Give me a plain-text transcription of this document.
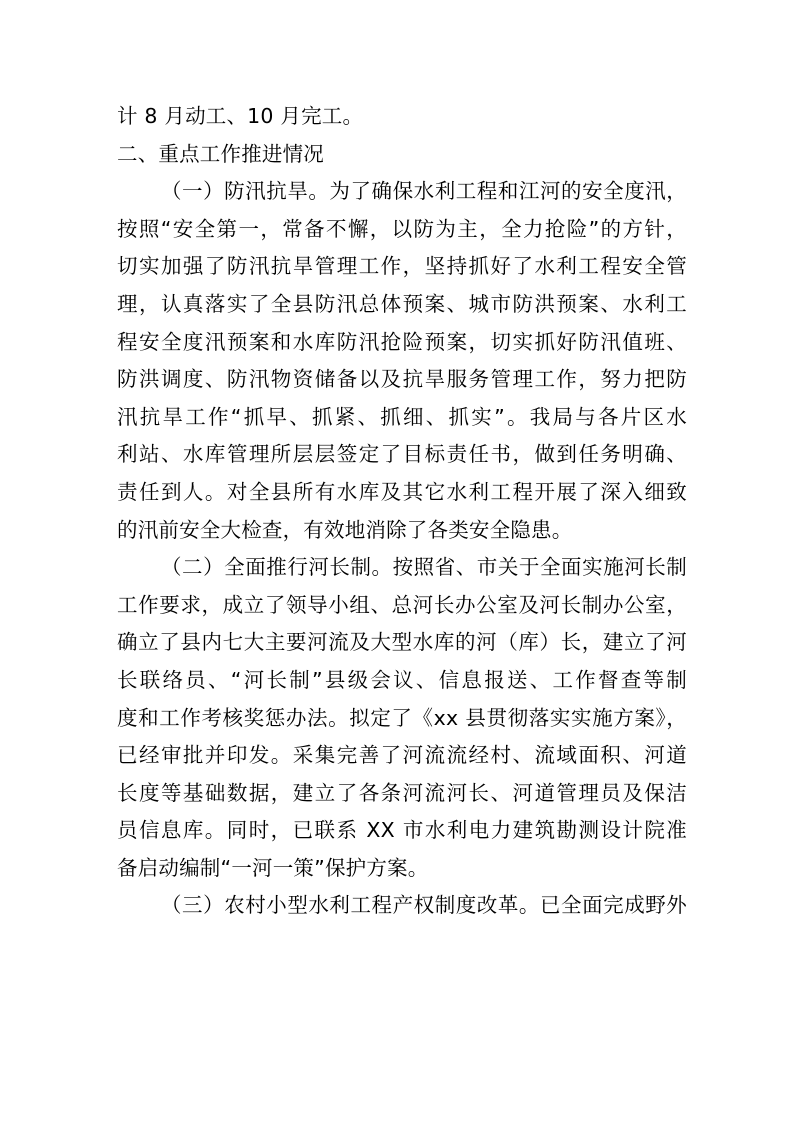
计 8 月动工、10 月完工。
二、重点工作推进情况
（一）防汛抗旱。为了确保水利工程和江河的安全度汛，
按照“安全第一，常备不懈，以防为主，全力抢险”的方针，
切实加强了防汛抗旱管理工作，坚持抓好了水利工程安全管
理，认真落实了全县防汛总体预案、城市防洪预案、水利工
程安全度汛预案和水库防汛抢险预案，切实抓好防汛值班、
防洪调度、防汛物资储备以及抗旱服务管理工作，努力把防
汛抗旱工作“抓早、抓紧、抓细、抓实”。我局与各片区水
利站、水库管理所层层签定了目标责任书，做到任务明确、
责任到人。对全县所有水库及其它水利工程开展了深入细致
的汛前安全大检查，有效地消除了各类安全隐患。
（二）全面推行河长制。按照省、市关于全面实施河长制
工作要求，成立了领导小组、总河长办公室及河长制办公室，
确立了县内七大主要河流及大型水库的河（库）长，建立了河
长联络员、“河长制”县级会议、信息报送、工作督查等制
度和工作考核奖惩办法。拟定了《xx 县贯彻落实实施方案》，
已经审批并印发。采集完善了河流流经村、流域面积、河道
长度等基础数据，建立了各条河流河长、河道管理员及保洁
员信息库。同时，已联系 XX 市水利电力建筑勘测设计院准
备启动编制“一河一策”保护方案。
（三）农村小型水利工程产权制度改革。已全面完成野外
